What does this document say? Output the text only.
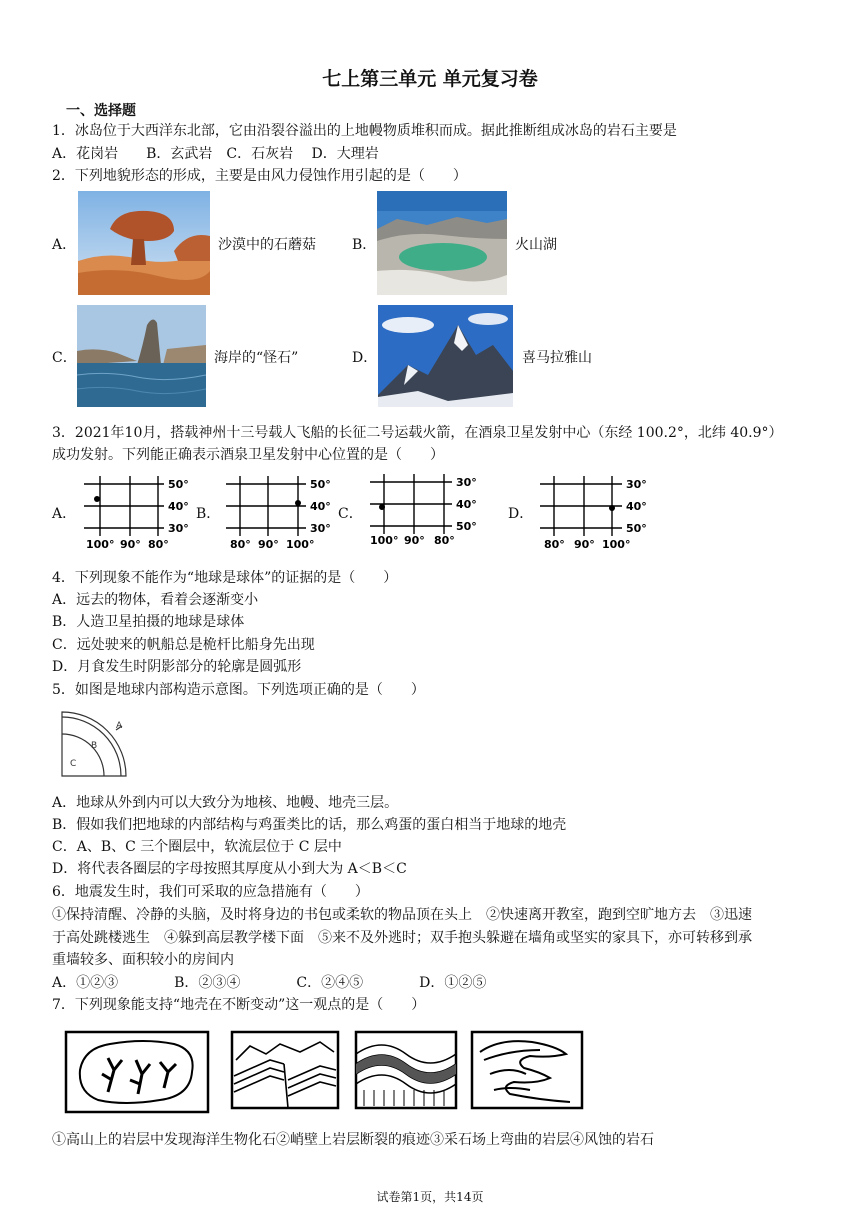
七上第三单元 单元复习卷
一、选择题
1．冰岛位于大西洋东北部，它由沿裂谷溢出的上地幔物质堆积而成。据此推断组成冰岛的岩石主要是
A．花岗岩　　B．玄武岩　C．石灰岩　 D．大理岩
2．下列地貌形态的形成，主要是由风力侵蚀作用引起的是（　　）
A．	沙漠中的石蘑菇	B．	火山湖
C．	海岸的“怪石”	D．	喜马拉雅山
3．2021年10月，搭载神州十三号载人飞船的长征二号运载火箭，在酒泉卫星发射中心（东经 100.2°，北纬 40.9°）
成功发射。下列能正确表示酒泉卫星发射中心位置的是（　　）
A．	B．	C．	D．
50°
40°
30°
100° 90° 80°
50°
40°
30°
80° 90° 100°
30°
40°
50°
100° 90° 80°
30°
40°
50°
80° 90° 100°
4．下列现象不能作为“地球是球体”的证据的是（　　）
A．远去的物体，看着会逐渐变小
B．人造卫星拍摄的地球是球体
C．远处驶来的帆船总是桅杆比船身先出现
D．月食发生时阴影部分的轮廓是圆弧形
5．如图是地球内部构造示意图。下列选项正确的是（　　）
A
B
C
A．地球从外到内可以大致分为地核、地幔、地壳三层。
B．假如我们把地球的内部结构与鸡蛋类比的话，那么鸡蛋的蛋白相当于地球的地壳
C．A、B、C 三个圈层中，软流层位于 C 层中
D．将代表各圈层的字母按照其厚度从小到大为 A＜B＜C
6．地震发生时，我们可采取的应急措施有（　　）
①保持清醒、冷静的头脑，及时将身边的书包或柔软的物品顶在头上　②快速离开教室，跑到空旷地方去　③迅速
于高处跳楼逃生　④躲到高层教学楼下面　⑤来不及外逃时；双手抱头躲避在墙角或坚实的家具下，亦可转移到承
重墙较多、面积较小的房间内
A．①②③　　　　B．②③④　　　　C．②④⑤　　　　D．①②⑤
7．下列现象能支持“地壳在不断变动”这一观点的是（　　）
①高山上的岩层中发现海洋生物化石②峭壁上岩层断裂的痕迹③采石场上弯曲的岩层④风蚀的岩石
试卷第1页，共14页
